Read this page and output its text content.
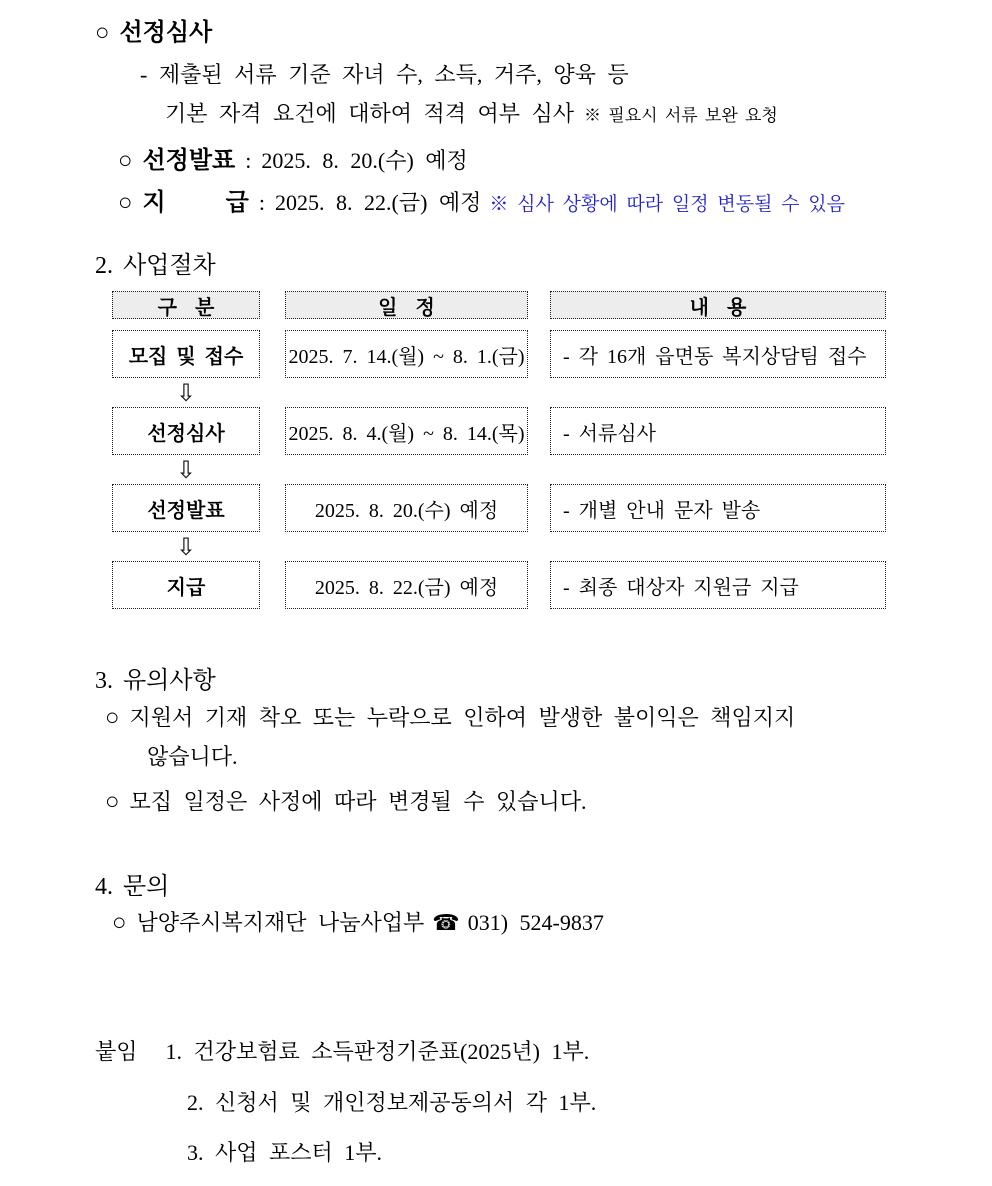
○ 선정심사
- 제출된 서류 기준 자녀 수, 소득, 거주, 양육 등
기본 자격 요건에 대하여 적격 여부 심사 ※ 필요시 서류 보완 요청
○ 선정발표 : 2025. 8. 20.(수) 예정
○ 지      급 : 2025. 8. 22.(금) 예정 ※ 심사 상황에 따라 일정 변동될 수 있음
2. 사업절차
구  분	일  정	내  용
모집 및 접수	2025. 7. 14.(월) ~ 8. 1.(금)	- 각 16개 읍면동 복지상담팀 접수
⇩
선정심사	2025. 8. 4.(월) ~ 8. 14.(목)	- 서류심사
⇩
선정발표	2025. 8. 20.(수) 예정	- 개별 안내 문자 발송
⇩
지급	2025. 8. 22.(금) 예정	- 최종 대상자 지원금 지급
3. 유의사항
○ 지원서 기재 착오 또는 누락으로 인하여 발생한 불이익은 책임지지
않습니다.
○ 모집 일정은 사정에 따라 변경될 수 있습니다.
4. 문의
○ 남양주시복지재단 나눔사업부 ☎ 031) 524-9837
붙임 1. 건강보험료 소득판정기준표(2025년) 1부.
2. 신청서 및 개인정보제공동의서 각 1부.
3. 사업 포스터 1부.
